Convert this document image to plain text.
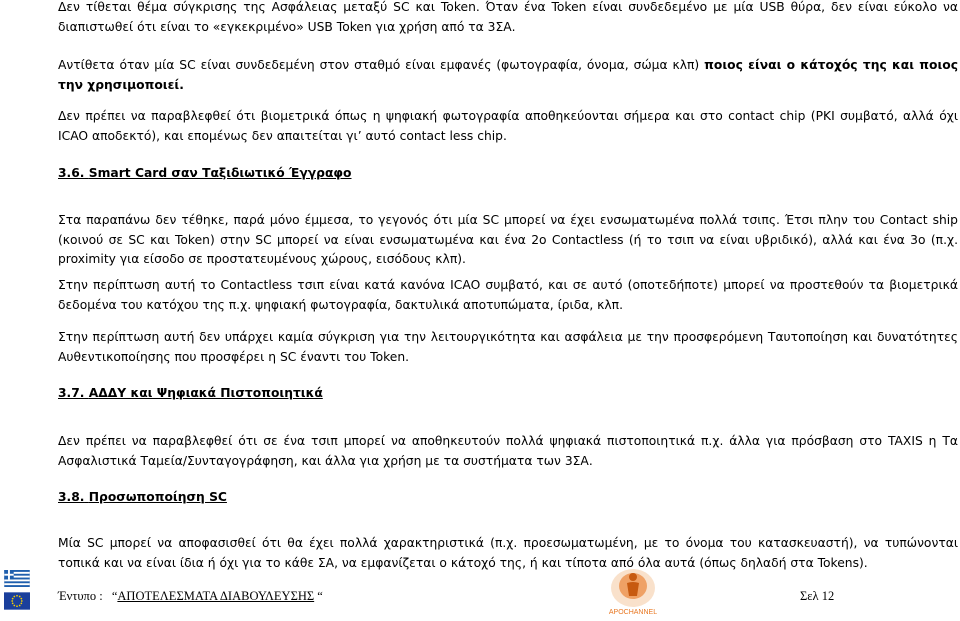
Δεν τίθεται θέμα σύγκρισης της Ασφάλειας μεταξύ SC και Token. Όταν ένα Token είναι συνδεδεμένο με μία USB θύρα, δεν είναι εύκολο να διαπιστωθεί ότι είναι το «εγκεκριμένο» USB Token για χρήση από τα 3ΣΑ.

Αντίθετα όταν μία SC είναι συνδεδεμένη στον σταθμό είναι εμφανές (φωτογραφία, όνομα, σώμα κλπ) ποιος είναι ο κάτοχός της και ποιος την χρησιμοποιεί.

Δεν πρέπει να παραβλεφθεί ότι βιομετρικά όπως η ψηφιακή φωτογραφία αποθηκεύονται σήμερα και στο contact chip (PKI συμβατό, αλλά όχι ICAO αποδεκτό), και επομένως δεν απαιτείται γι’ αυτό contact less chip.

3.6. Smart Card σαν Ταξιδιωτικό Έγγραφο

Στα παραπάνω δεν τέθηκε, παρά μόνο έμμεσα, το γεγονός ότι μία SC μπορεί να έχει ενσωματωμένα πολλά τσιπς. Έτσι πλην του Contact ship (κοινού σε SC και Token) στην SC μπορεί να είναι ενσωματωμένα και ένα 2ο Contactless (ή το τσιπ να είναι υβριδικό), αλλά και ένα 3ο (π.χ. proximity για είσοδο σε προστατευμένους χώρους, εισόδους κλπ).

Στην περίπτωση αυτή το Contactless τσιπ είναι κατά κανόνα ICAO συμβατό, και σε αυτό (οποτεδήποτε) μπορεί να προστεθούν τα βιομετρικά δεδομένα του κατόχου της π.χ. ψηφιακή φωτογραφία, δακτυλικά αποτυπώματα, ίριδα, κλπ.

Στην περίπτωση αυτή δεν υπάρχει καμία σύγκριση για την λειτουργικότητα και ασφάλεια με την προσφερόμενη Ταυτοποίηση και δυνατότητες Αυθεντικοποίησης που προσφέρει η SC έναντι του Token.

3.7. ΑΔΔΥ και Ψηφιακά Πιστοποιητικά

Δεν πρέπει να παραβλεφθεί ότι σε ένα τσιπ μπορεί να αποθηκευτούν πολλά ψηφιακά πιστοποιητικά π.χ. άλλα για πρόσβαση στο TAXIS η Τα Ασφαλιστικά Ταμεία/Συνταγογράφηση, και άλλα για χρήση με τα συστήματα των 3ΣΑ.

3.8. Προσωποποίηση SC

Μία SC μπορεί να αποφασισθεί ότι θα έχει πολλά χαρακτηριστικά (π.χ. προεσωματωμένη, με το όνομα του κατασκευαστή), να τυπώνονται τοπικά και να είναι ίδια ή όχι για το κάθε ΣΑ, να εμφανίζεται ο κάτοχό της, ή και τίποτα από όλα αυτά (όπως δηλαδή στα Tokens).

APOCHANNEL
Έντυπο : “ΑΠΟΤΕΛΕΣΜΑΤΑ ΔΙΑΒΟΥΛΕΥΣΗΣ “	Σελ 12
